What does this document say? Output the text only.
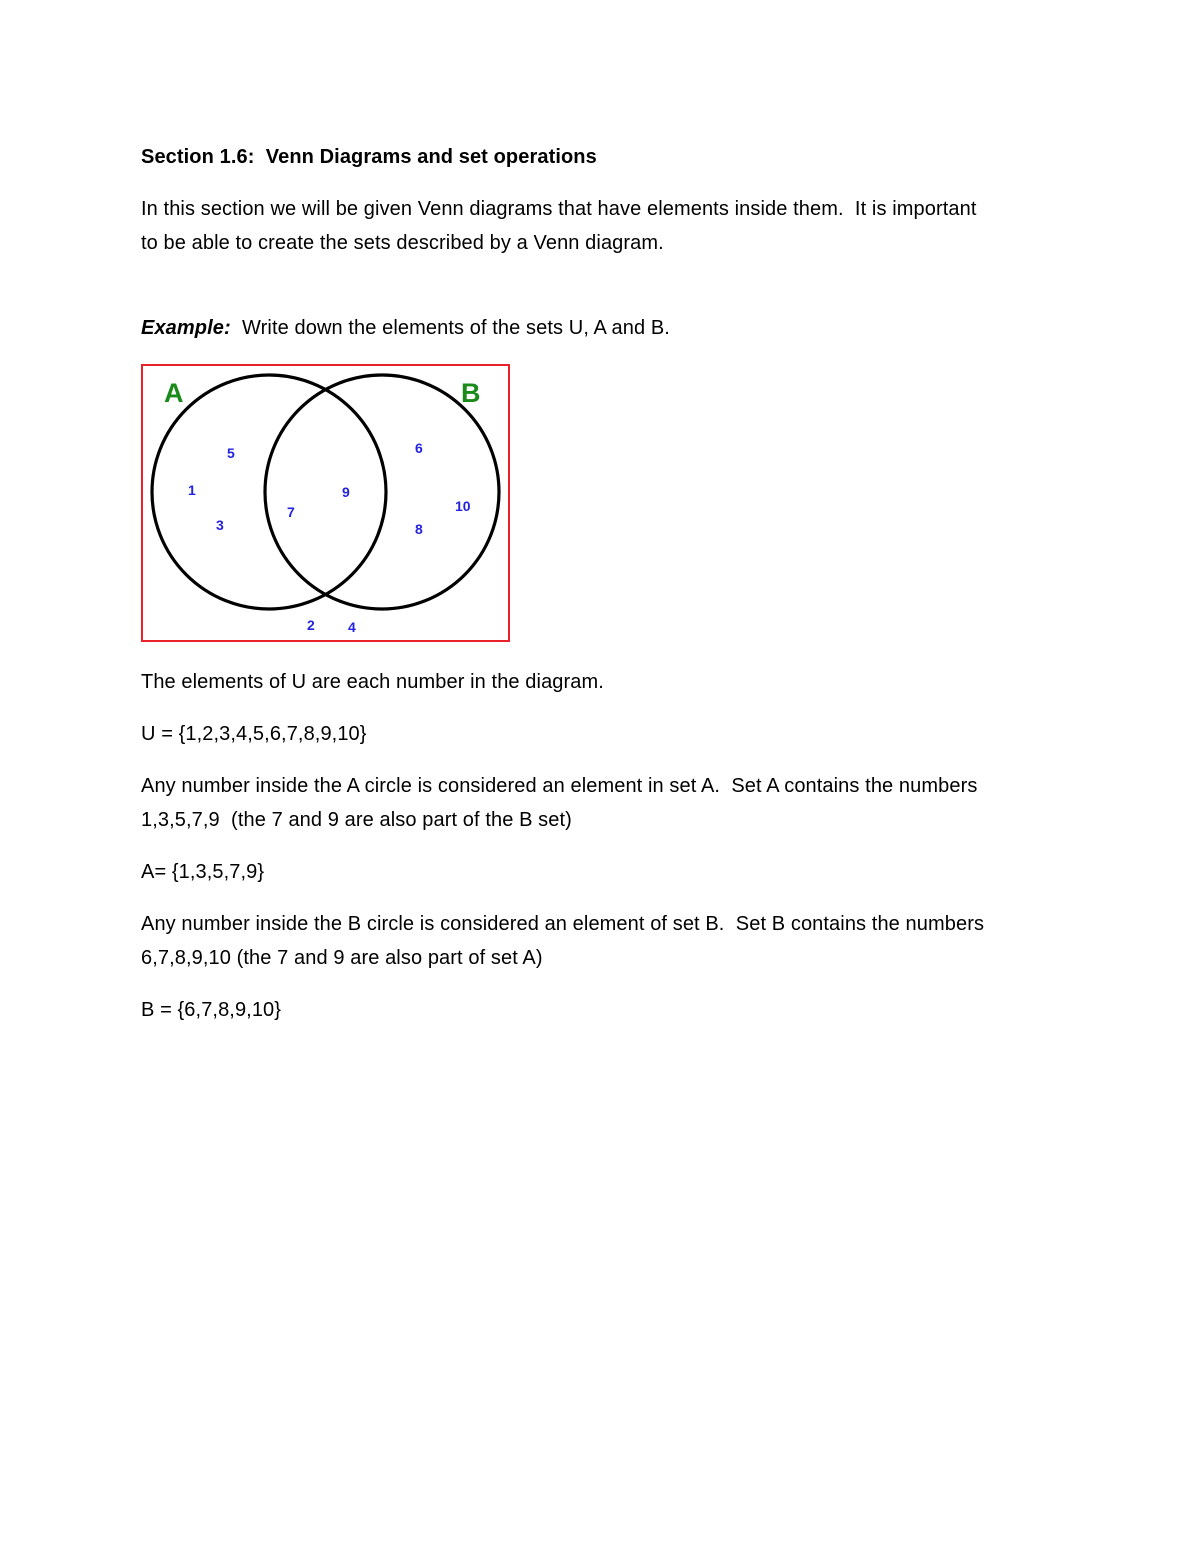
Section 1.6:  Venn Diagrams and set operations

In this section we will be given Venn diagrams that have elements inside them.  It is important

to be able to create the sets described by a Venn diagram.

Example:  Write down the elements of the sets U, A and B.

A	B
5
1
3
7
9
6
8
10
2 4

The elements of U are each number in the diagram.

U = {1,2,3,4,5,6,7,8,9,10}

Any number inside the A circle is considered an element in set A.  Set A contains the numbers

1,3,5,7,9  (the 7 and 9 are also part of the B set)

A= {1,3,5,7,9}

Any number inside the B circle is considered an element of set B.  Set B contains the numbers

6,7,8,9,10 (the 7 and 9 are also part of set A)

B = {6,7,8,9,10}
